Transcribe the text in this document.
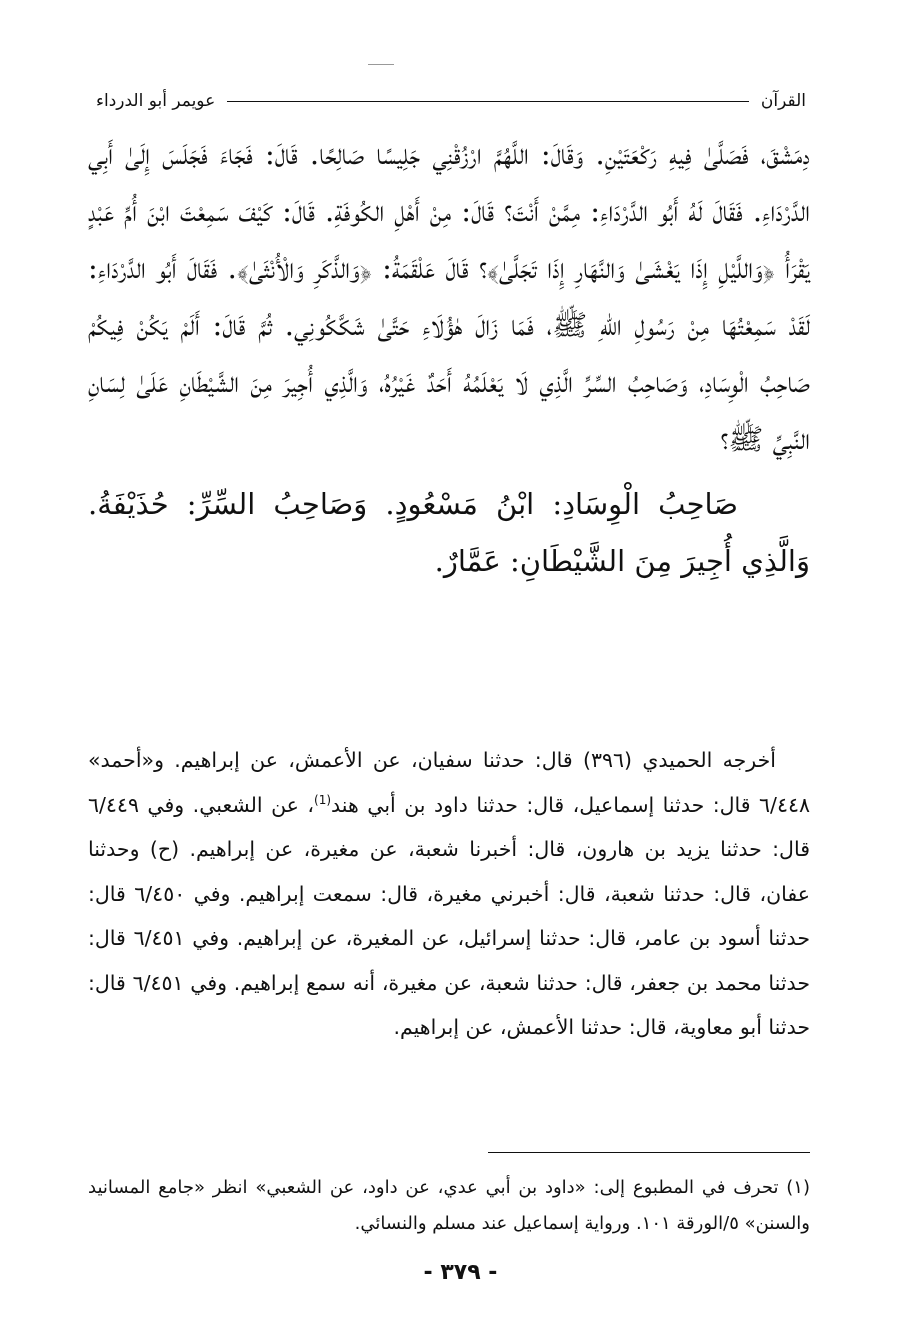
القرآن
عويمر أبو الدرداء

دِمَشْقَ، فَصَلَّىٰ فِيهِ رَكْعَتَيْنِ. وَقَالَ: اللَّهُمَّ ارْزُقْنِي جَلِيسًا صَالِحًا. قَالَ: فَجَاءَ فَجَلَسَ إِلَىٰ أَبِي الدَّرْدَاءِ. فَقَالَ لَهُ أَبُو الدَّرْدَاءِ: مِمَّنْ أَنْتَ؟ قَالَ: مِنْ أَهْلِ الكُوفَةِ. قَالَ: كَيْفَ سَمِعْتَ ابْنَ أُمِّ عَبْدٍ يَقْرَأُ ﴿وَاللَّيْلِ إِذَا يَغْشَىٰ وَالنَّهَارِ إِذَا تَجَلَّىٰ﴾؟ قَالَ عَلْقَمَةُ: ﴿وَالذَّكَرِ وَالْأُنْثَىٰ﴾. فَقَالَ أَبُو الدَّرْدَاءِ: لَقَدْ سَمِعْتُهَا مِنْ رَسُولِ اللهِ ﷺ، فَمَا زَالَ هٰؤُلَاءِ حَتَّىٰ شَكَّكُونِي. ثُمَّ قَالَ: أَلَمْ يَكُنْ فِيكُمْ صَاحِبُ الْوِسَادِ، وَصَاحِبُ السِّرِّ الَّذِي لَا يَعْلَمُهُ أَحَدٌ غَيْرُهُ، وَالَّذِي أُجِيرَ مِنَ الشَّيْطَانِ عَلَىٰ لِسَانِ النَّبِيِّ ﷺ؟

صَاحِبُ الْوِسَادِ: ابْنُ مَسْعُودٍ. وَصَاحِبُ السِّرِّ: حُذَيْفَةُ. وَالَّذِي أُجِيرَ مِنَ الشَّيْطَانِ: عَمَّارٌ.

أخرجه الحميدي (٣٩٦) قال: حدثنا سفيان، عن الأعمش، عن إبراهيم. و«أحمد» ٦/٤٤٨ قال: حدثنا إسماعيل، قال: حدثنا داود بن أبي هند$^{(1)}$، عن الشعبي. وفي ٦/٤٤٩ قال: حدثنا يزيد بن هارون، قال: أخبرنا شعبة، عن مغيرة، عن إبراهيم. (ح) وحدثنا عفان، قال: حدثنا شعبة، قال: أخبرني مغيرة، قال: سمعت إبراهيم. وفي ٦/٤٥٠ قال: حدثنا أسود بن عامر، قال: حدثنا إسرائيل، عن المغيرة، عن إبراهيم. وفي ٦/٤٥١ قال: حدثنا محمد بن جعفر، قال: حدثنا شعبة، عن مغيرة، أنه سمع إبراهيم. وفي ٦/٤٥١ قال: حدثنا أبو معاوية، قال: حدثنا الأعمش، عن إبراهيم.

(١) تحرف في المطبوع إلى: «داود بن أبي عدي، عن داود، عن الشعبي» انظر «جامع المسانيد والسنن» ٥/الورقة ١٠١. ورواية إسماعيل عند مسلم والنسائي.

- ٣٧٩ -
